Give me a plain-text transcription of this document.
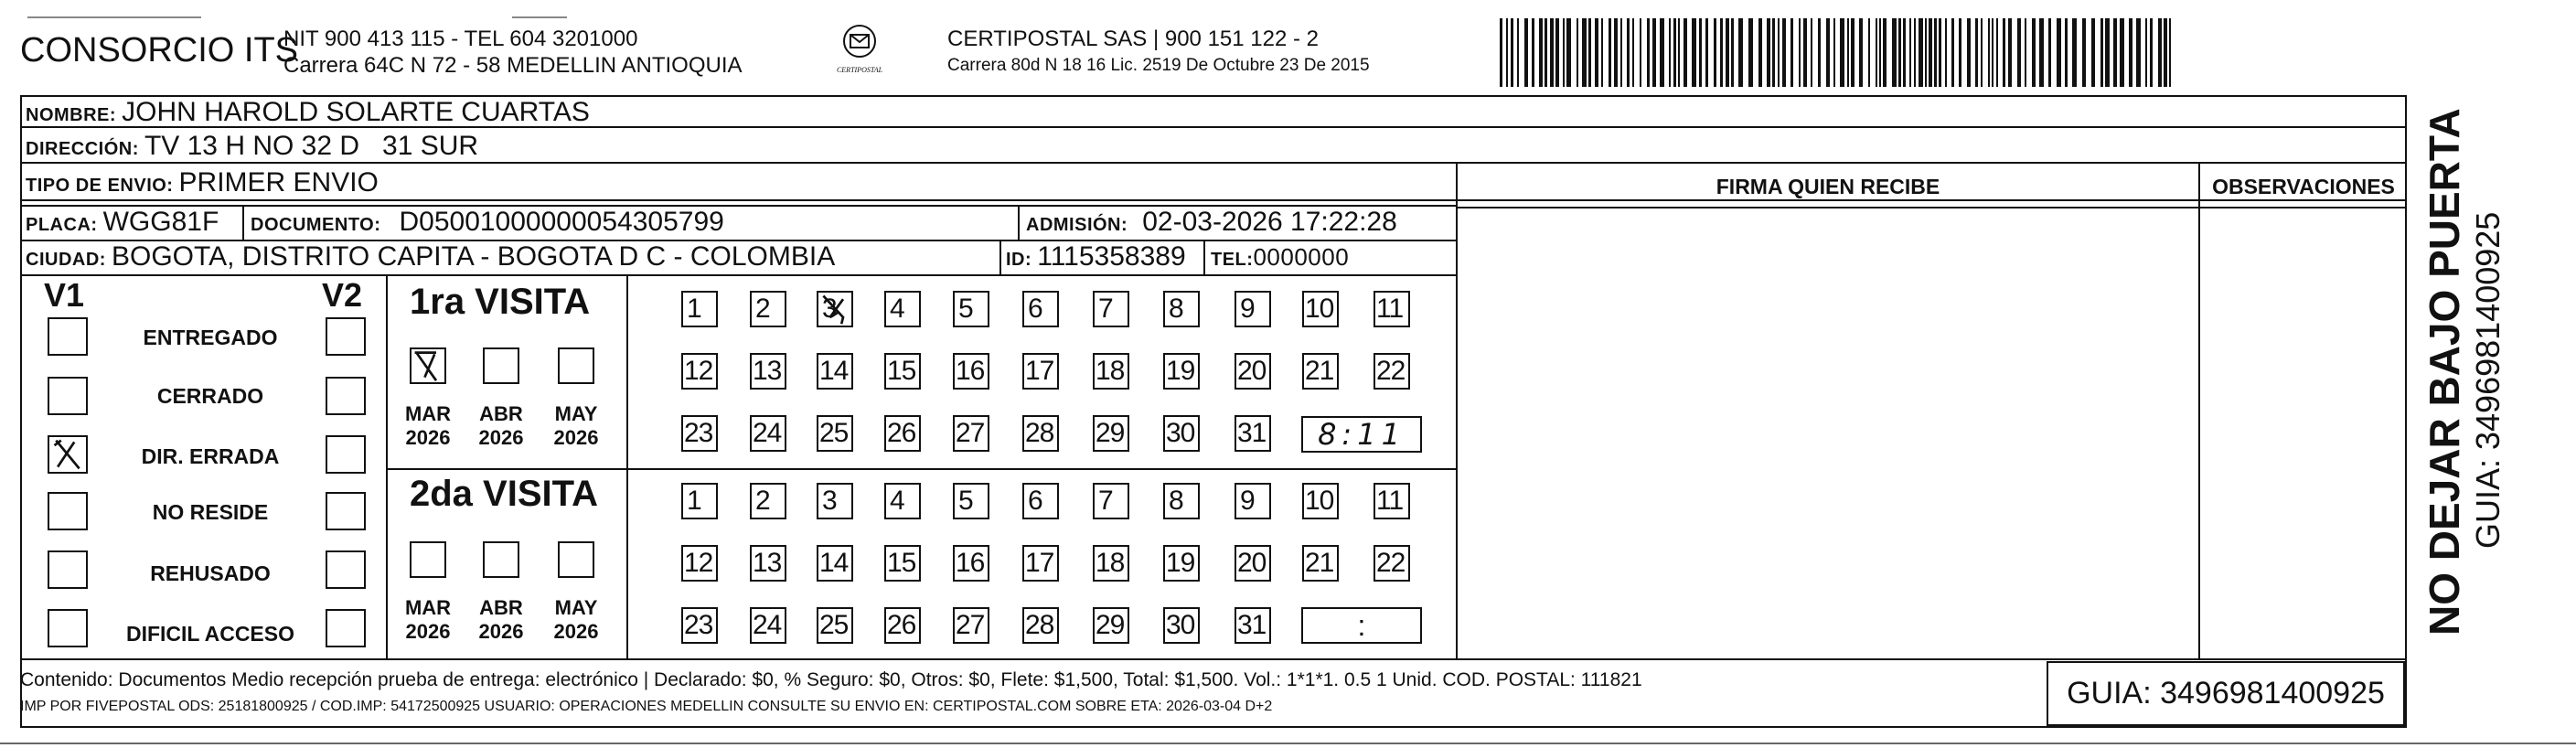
CONSORCIO ITS
NIT 900 413 115 - TEL 604 3201000
Carrera 64C N 72 - 58 MEDELLIN ANTIOQUIA	CERTIPOSTAL
CERTIPOSTAL SAS | 900 151 122 - 2
Carrera 80d N 18 16 Lic. 2519 De Octubre 23 De 2015
NOMBRE: JOHN HAROLD SOLARTE CUARTAS
DIRECCIÓN: TV 13 H NO 32 D   31 SUR
TIPO DE ENVIO: PRIMER ENVIO
PLACA: WGG81F DOCUMENTO: D05001000000054305799	ADMISIÓN: 02-03-2026 17:22:28
CIUDAD: BOGOTA, DISTRITO CAPITA - BOGOTA D C - COLOMBIA	ID: 1115358389 TEL:0000000
FIRMA QUIEN RECIBE	OBSERVACIONES
V1	V2
ENTREGADO
CERRADO
DIR. ERRADA
NO RESIDE
REHUSADO
DIFICIL ACCESO
1ra VISITA
2da VISITA
MAR
2026
ABR
2026
MAY
2026
MAR
2026
ABR
2026
MAY
2026
1	2	3	4	5	6	7	8	9	10 11
12 13 14 15 16 17 18 19 20 21 22
23 24 25 26 27 28 29 30 31
1	2	3	4	5	6	7	8	9	10 11
12 13 14 15 16 17 18 19 20 21 22
23 24 25 26 27 28 29 30 31
8:11
:
Contenido: Documentos Medio recepción prueba de entrega: electrónico | Declarado: $0, % Seguro: $0, Otros: $0, Flete: $1,500, Total: $1,500. Vol.: 1*1*1. 0.5 1 Unid. COD. POSTAL: 111821
IMP POR FIVEPOSTAL ODS: 25181800925 / COD.IMP: 54172500925 USUARIO: OPERACIONES MEDELLIN CONSULTE SU ENVIO EN: CERTIPOSTAL.COM SOBRE ETA: 2026-03-04 D+2	GUIA: 3496981400925
NO DEJAR BAJO PUERTA GUIA: 3496981400925
